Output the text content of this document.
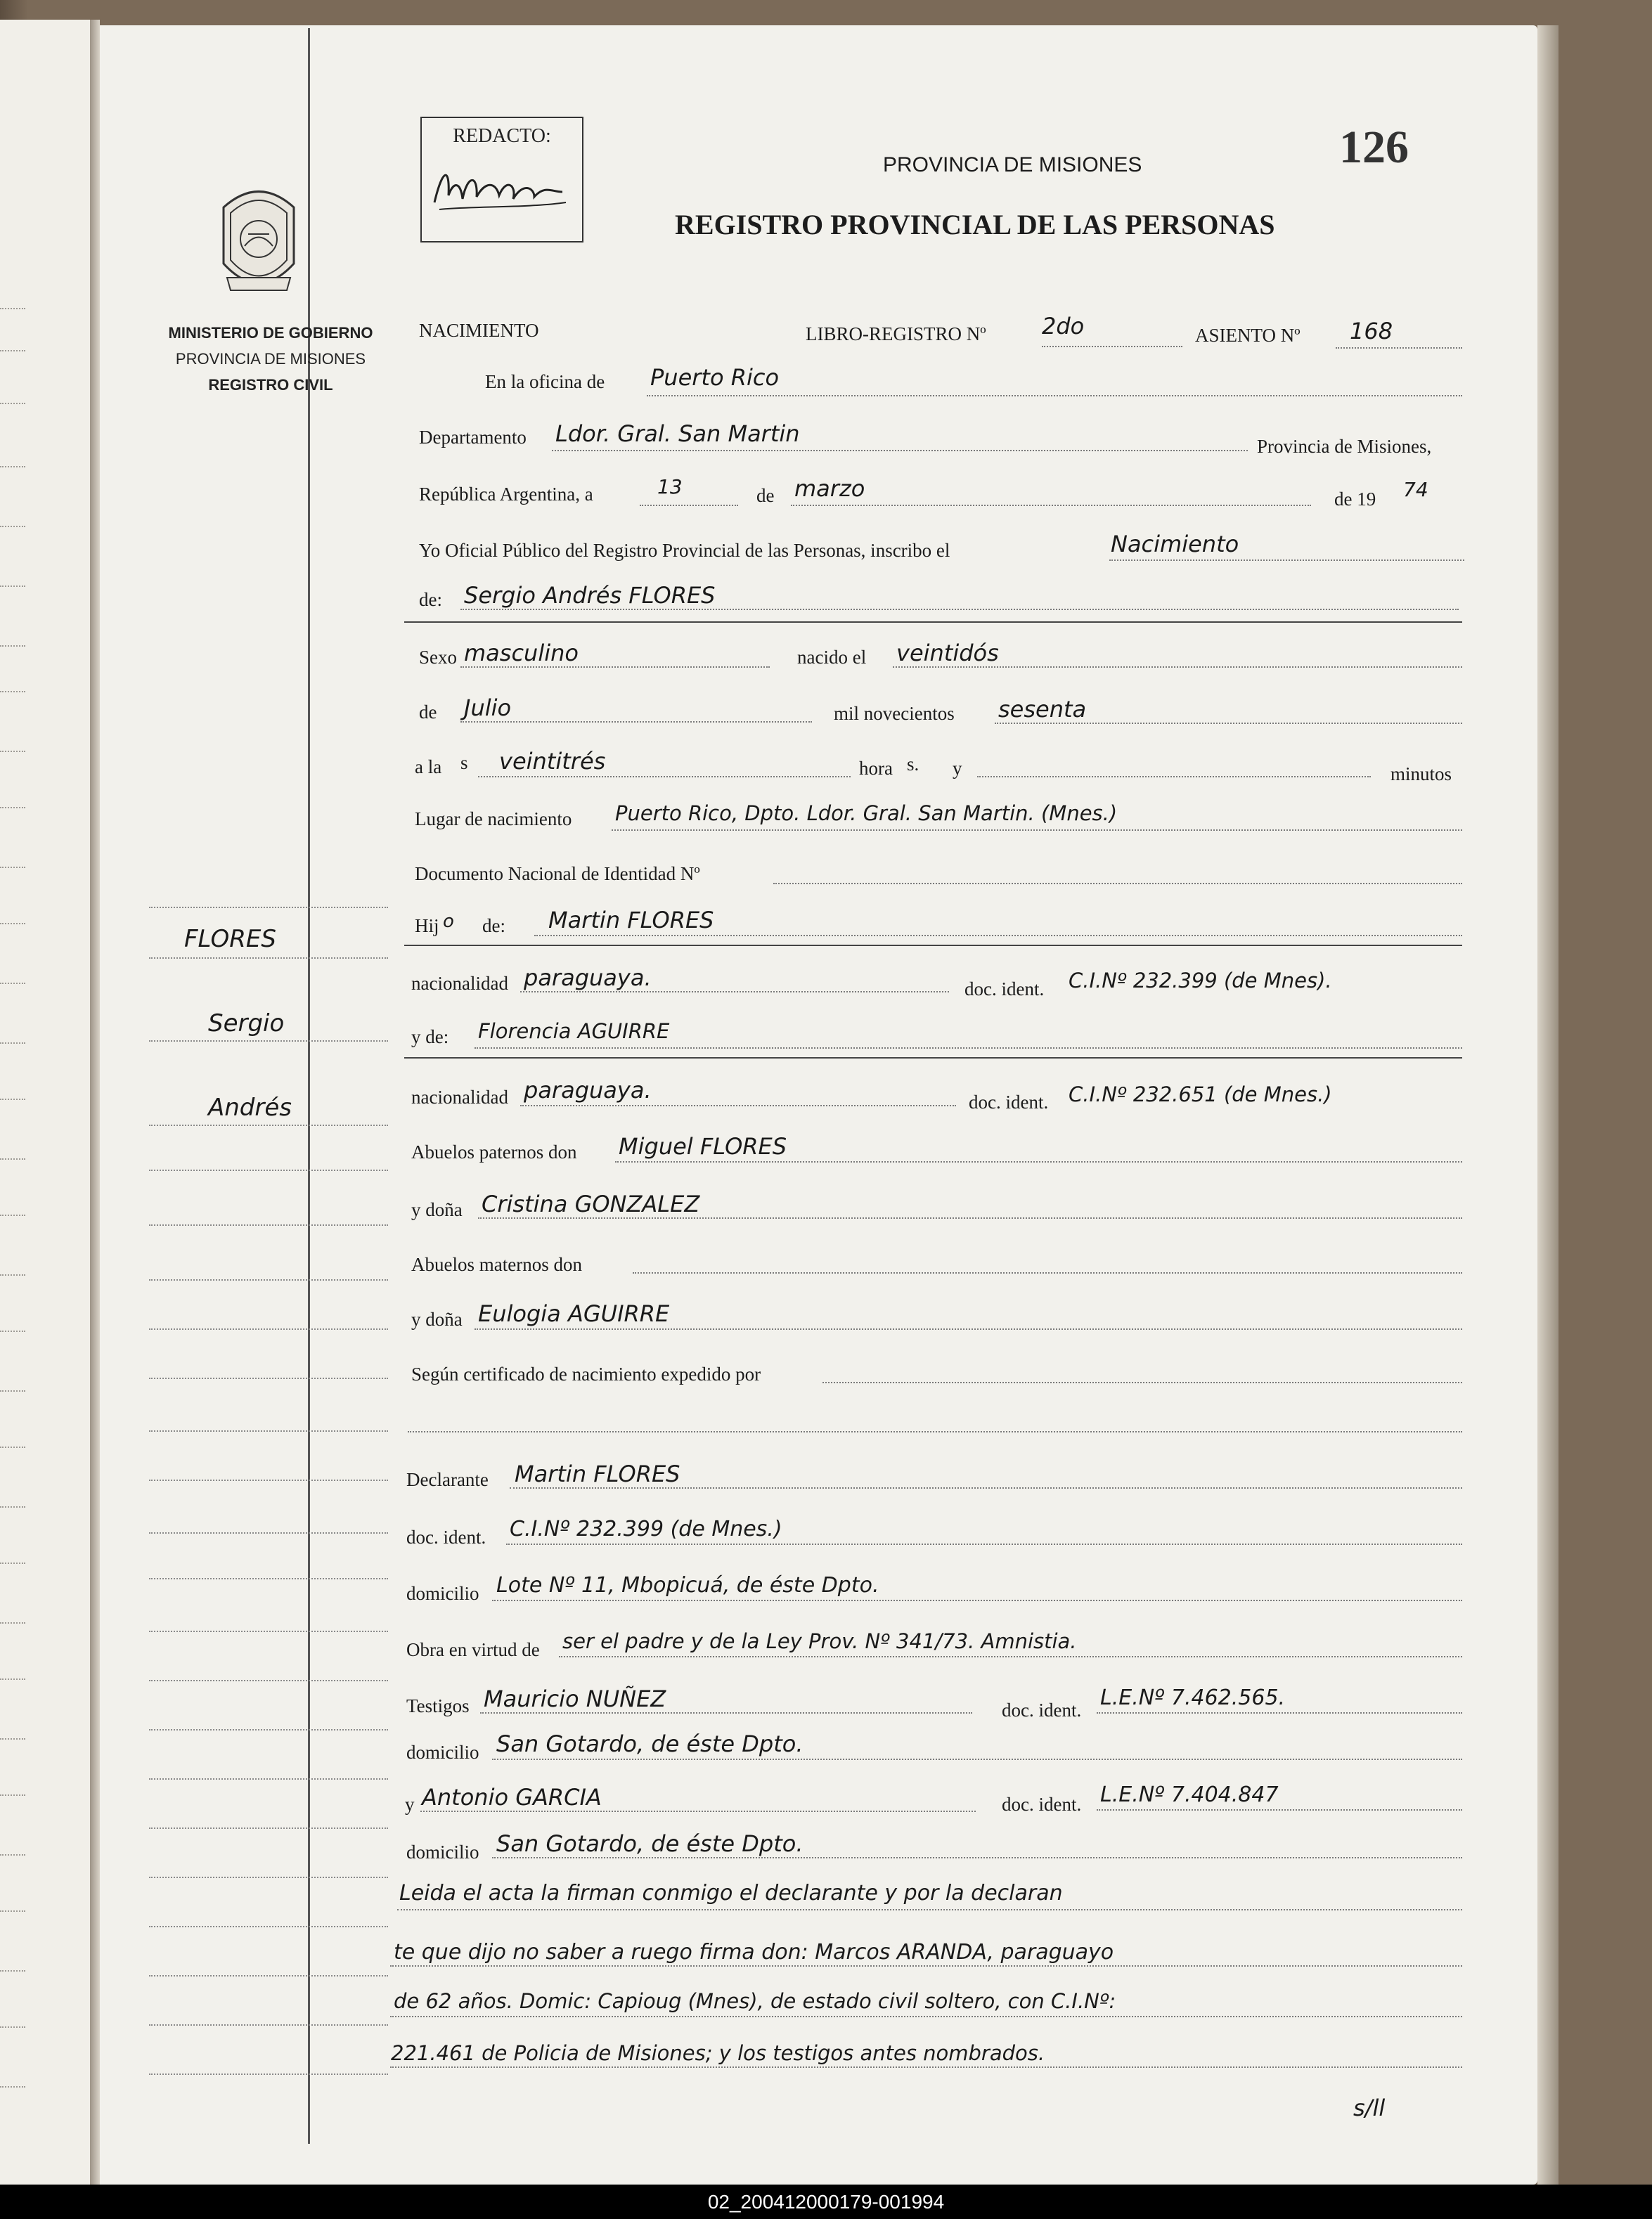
MINISTERIO DE GOBIERNO
PROVINCIA DE MISIONES
REGISTRO CIVIL
REDACTO:
PROVINCIA DE MISIONES	126
REGISTRO PROVINCIAL DE LAS PERSONAS
NACIMIENTO	LIBRO-REGISTRO Nº 2do	ASIENTO Nº 168
En la oficina de Puerto Rico
Departamento Ldor. Gral. San Martin	Provincia de Misiones,
República Argentina, a	13	de marzo	de 19 74
Yo Oficial Público del Registro Provincial de las Personas, inscribo el	Nacimiento
de: Sergio Andrés FLORES
Sexo masculino	nacido el veintidós
de Julio	mil novecientos sesenta
a la s veintitrés	hora s. y	minutos
Lugar de nacimiento Puerto Rico, Dpto. Ldor. Gral. San Martin. (Mnes.)
Documento Nacional de Identidad Nº
Hij o de: Martin FLORES
nacionalidad paraguaya.	doc. ident. C.I.Nº 232.399 (de Mnes).
y de: Florencia AGUIRRE
nacionalidad paraguaya.	doc. ident. C.I.Nº 232.651 (de Mnes.)
Abuelos paternos don Miguel FLORES
y doña Cristina GONZALEZ
Abuelos maternos don
y doña Eulogia AGUIRRE
Según certificado de nacimiento expedido por
Declarante Martin FLORES
doc. ident. C.I.Nº 232.399 (de Mnes.)
domicilio Lote Nº 11, Mbopicuá, de éste Dpto.
Obra en virtud de ser el padre y de la Ley Prov. Nº 341/73. Amnistia.
Testigos Mauricio NUÑEZ	doc. ident. L.E.Nº 7.462.565.
domicilio San Gotardo, de éste Dpto.
y Antonio GARCIA	doc. ident. L.E.Nº 7.404.847
domicilio San Gotardo, de éste Dpto.
Leida el acta la firman conmigo el declarante y por la declaran
te que dijo no saber a ruego firma don: Marcos ARANDA, paraguayo
de 62 años. Domic: Capioug (Mnes), de estado civil soltero, con C.I.Nº:
221.461 de Policia de Misiones; y los testigos antes nombrados.
s/ll
FLORES
Sergio
Andrés
02_200412000179-001994
